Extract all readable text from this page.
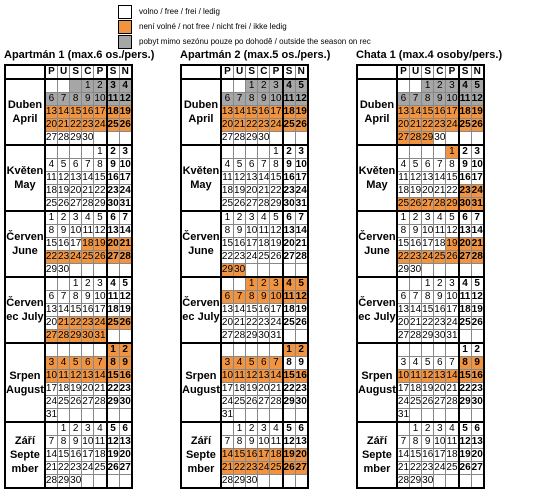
volno / free / frei / ledig
není volné / not free / nicht frei / ikke ledig
pobyt mimo sezónu pouze po dohodě / outside the season on rec
Apartmán 1 (max.6 os./pers.)
	P	U	S	Č	P	S	N

Duben
April				1	2	3	4
	6	7	8	9	10	11	12
	13	14	15	16	17	18	19
	20	21	22	23	24	25	26
	27	28	29	30			

Květen
May					1	2	3
	4	5	6	7	8	9	10
	11	12	13	14	15	16	17
	18	19	20	21	22	23	24
	25	26	27	28	29	30	31

Červen
June	1	2	3	4	5	6	7
	8	9	10	11	12	13	14
	15	16	17	18	19	20	21
	22	23	24	25	26	27	28
	29	30					

Červen
ec July			1	2	3	4	5
	6	7	8	9	10	11	12
	13	14	15	16	17	18	19
	20	21	22	23	24	25	26
	27	28	29	30	31		

Srpen
August						1	2
	3	4	5	6	7	8	9
	10	11	12	13	14	15	16
	17	18	19	20	21	22	23
	24	25	26	27	28	29	30
	31						

Září
Septe
mber		1	2	3	4	5	6
	7	8	9	10	11	12	13
	14	15	16	17	18	19	20
	21	22	23	24	25	26	27
	28	29	30				
Apartmán 2 (max.5 os./pers.)
	P	U	S	Č	P	S	N

Duben
April			1	2	3	4	5
	6	7	8	9	10	11	12
	13	14	15	16	17	18	19
	20	21	22	23	24	25	26
	27	28	29	30			

Květen
May					1	2	3
	4	5	6	7	8	9	10
	11	12	13	14	15	16	17
	18	19	20	21	22	23	24
	25	26	27	28	29	30	31

Červen
June	1	2	3	4	5	6	7
	8	9	10	11	12	13	14
	15	16	17	18	19	20	21
	22	23	24	25	26	27	28
	29	30					

Červen
ec July			1	2	3	4	5
	6	7	8	9	10	11	12
	13	14	15	16	17	18	19
	20	21	22	23	24	25	26
	27	28	29	30	31		

Srpen
August						1	2
	3	4	5	6	7	8	9
	10	11	12	13	14	15	16
	17	18	19	20	21	22	23
	24	25	26	27	28	29	30
	31						

Září
Septe
mber		1	2	3	4	5	6
	7	8	9	10	11	12	13
	14	15	16	17	18	19	20
	21	22	23	24	25	26	27
	28	29	30				
Chata 1 (max.4 osoby/pers.)
	P	U	S	Č	P	S	N

Duben
April			1	2	3	4	5
	6	7	8	9	10	11	12
	13	14	15	16	17	18	19
	20	21	22	23	24	25	26
	27	28	29	30			

Květen
May					1	2	3
	4	5	6	7	8	9	10
	11	12	13	14	15	16	17
	18	19	20	21	22	23	24
	25	26	27	28	29	30	31

Červen
June	1	2	3	4	5	6	7
	8	9	10	11	12	13	14
	15	16	17	18	19	20	21
	22	23	24	25	26	27	28
	29	30					

Červen
ec July			1	2	3	4	5
	6	7	8	9	10	11	12
	13	14	15	16	17	18	19
	20	21	22	23	24	25	26
	27	28	29	30	31		

Srpen
August						1	2
	3	4	5	6	7	8	9
	10	11	12	13	14	15	16
	17	18	19	20	21	22	23
	24	25	26	27	28	29	30
	31						

Září
Septe
mber		1	2	3	4	5	6
	7	8	9	10	11	12	13
	14	15	16	17	18	19	20
	21	22	23	24	25	26	27
	28	29	30				
